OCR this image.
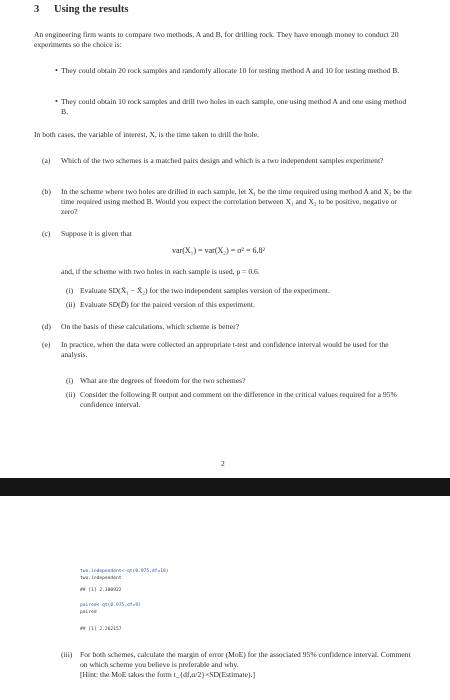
3 Using the results
An engineering firm wants to compare two methods, A and B, for drilling rock. They have enough money to conduct 20 experiments so the choice is:
• They could obtain 20 rock samples and randomly allocate 10 for testing method A and 10 for testing method B.
• They could obtain 10 rock samples and drill two holes in each sample, one using method A and one using method B.
In both cases, the variable of interest, X, is the time taken to drill the hole.
(a) Which of the two schemes is a matched pairs design and which is a two independent samples experiment?
(b) In the scheme where two holes are drilled in each sample, let X₁ be the time required using method A and X₂ be the time required using method B. Would you expect the correlation between X₁ and X₂ to be positive, negative or zero?
(c) Suppose it is given that
var(X₁) = var(X₂) = σ² = 6.8²
and, if the scheme with two holes in each sample is used, ρ = 0.6.
(i) Evaluate SD(X̄₁ − X̄₂) for the two independent samples version of the experiment.
(ii) Evaluate SD(D̄) for the paired version of this experiment.
(d) On the basis of these calculations, which scheme is better?
(e) In practice, when the data were collected an appropriate t-test and confidence interval would be used for the analysis.
(i) What are the degrees of freedom for the two schemes?
(ii) Consider the following R output and comment on the difference in the critical values required for a 95% confidence interval.
2
two.independent<-qt(0.975,df=18)
two.independent
## [1] 2.100922
paired<-qt(0.975,df=9)
paired
## [1] 2.262157
(iii) For both schemes, calculate the margin of error (MoE) for the associated 95% confidence interval. Comment on which scheme you believe is preferable and why.
[Hint: the MoE takes the form t_{df,α/2}×SD(Estimate).]
